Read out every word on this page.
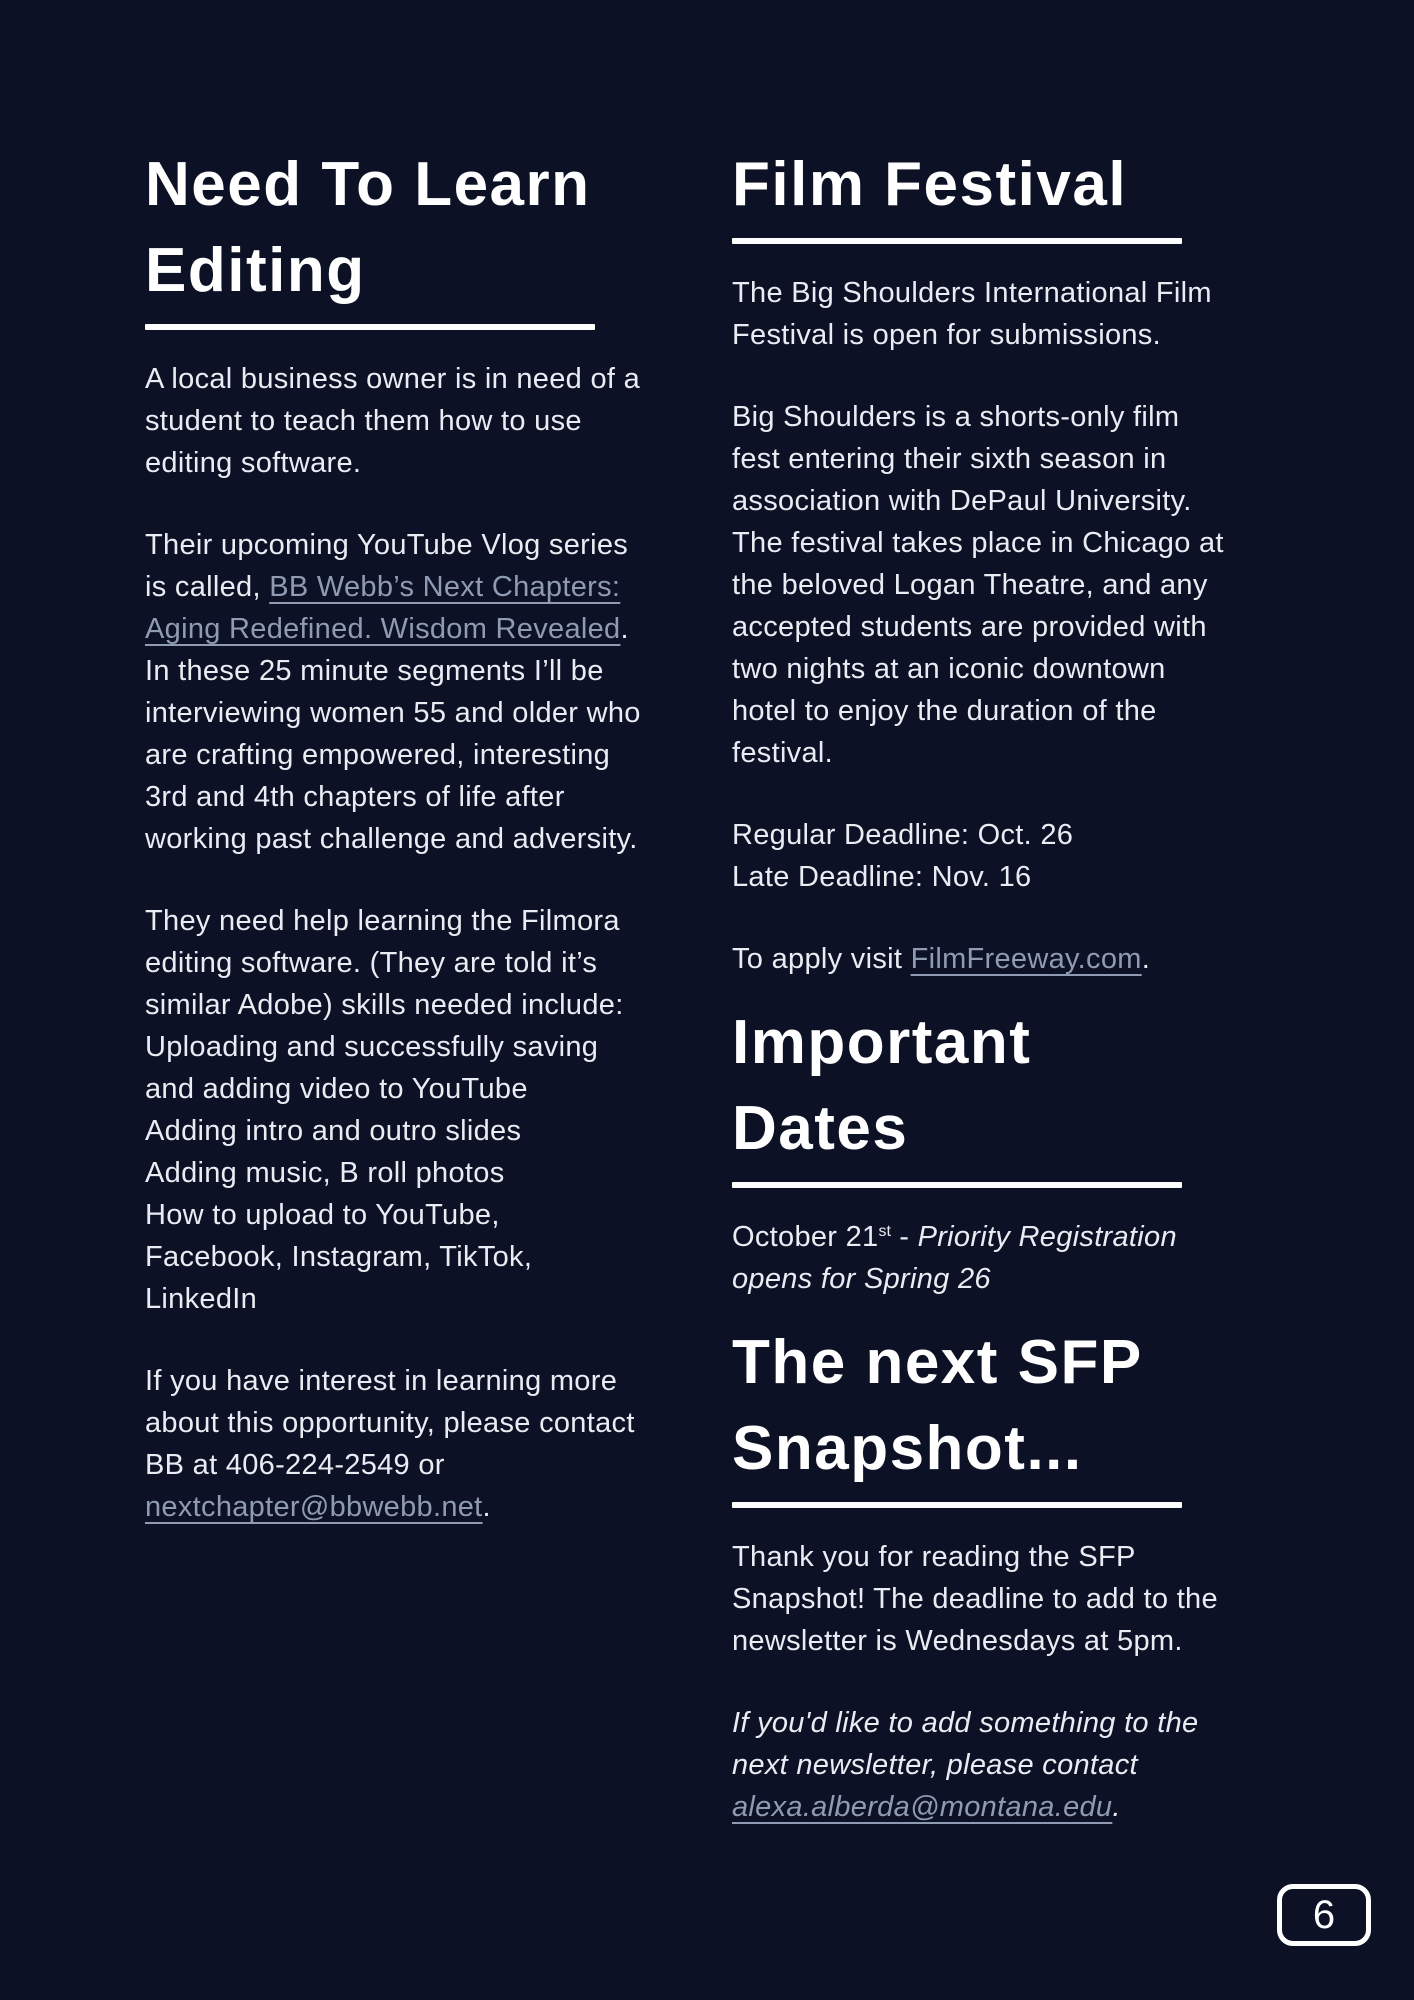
Need To Learn
Editing

A local business owner is in need of a student to teach them how to use editing software.

Their upcoming YouTube Vlog series is called, BB Webb’s Next Chapters: Aging Redefined. Wisdom Revealed. In these 25 minute segments I’ll be interviewing women 55 and older who are crafting empowered, interesting 3rd and 4th chapters of life after working past challenge and adversity.

They need help learning the Filmora editing software. (They are told it’s similar Adobe) skills needed include:
Uploading and successfully saving and adding video to YouTube
Adding intro and outro slides
Adding music, B roll photos
How to upload to YouTube, Facebook, Instagram, TikTok, LinkedIn

If you have interest in learning more about this opportunity, please contact BB at 406-224-2549 or nextchapter@bbwebb.net.

Film Festival

The Big Shoulders International Film Festival is open for submissions.

Big Shoulders is a shorts-only film fest entering their sixth season in association with DePaul University. The festival takes place in Chicago at the beloved Logan Theatre, and any accepted students are provided with two nights at an iconic downtown hotel to enjoy the duration of the festival.

Regular Deadline: Oct. 26
Late Deadline: Nov. 16

To apply visit FilmFreeway.com.

Important
Dates

October 21st - Priority Registration opens for Spring 26

The next SFP
Snapshot...

Thank you for reading the SFP Snapshot! The deadline to add to the newsletter is Wednesdays at 5pm.

If you'd like to add something to the next newsletter, please contact alexa.alberda@montana.edu.

6
